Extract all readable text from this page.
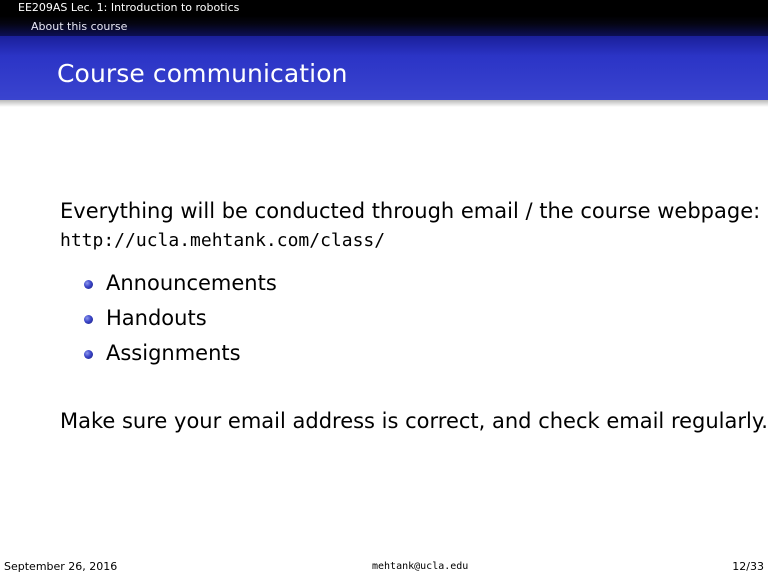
EE209AS Lec. 1: Introduction to robotics
About this course
Course communication
Everything will be conducted through email / the course webpage:
http://ucla.mehtank.com/class/
Announcements
Handouts
Assignments
Make sure your email address is correct, and check email regularly.
September 26, 2016	mehtank@ucla.edu	12/33
